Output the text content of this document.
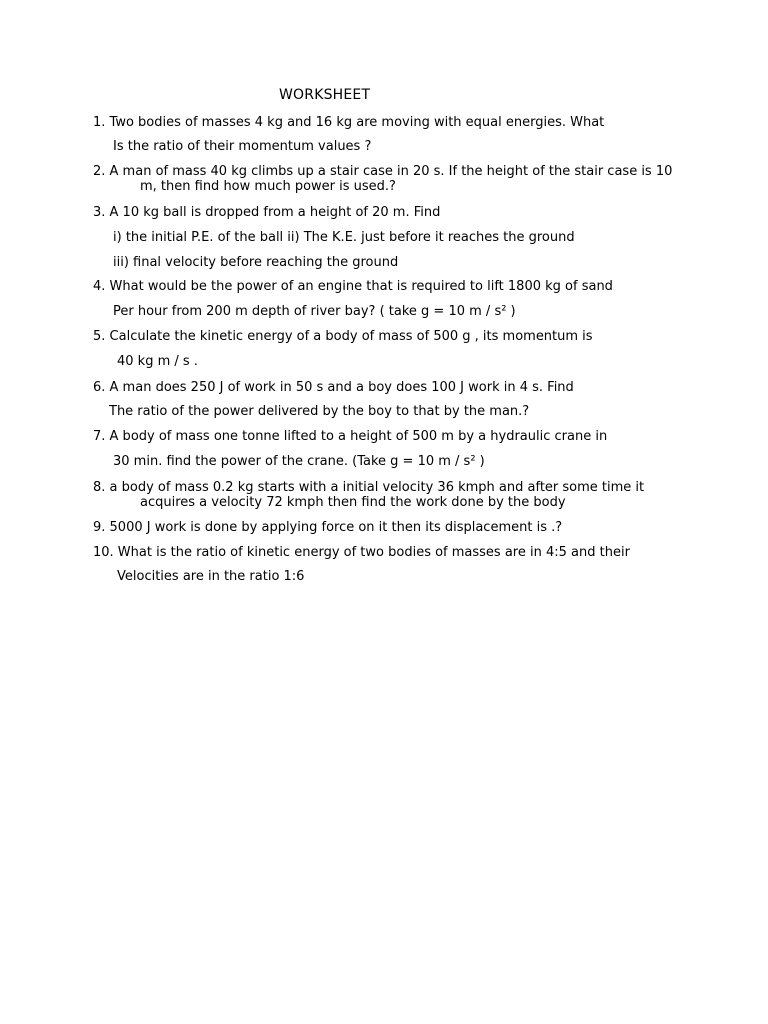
WORKSHEET
1. Two bodies of masses 4 kg and 16 kg are moving with equal energies. What
Is the ratio of their momentum values ?
2. A man of mass 40 kg climbs up a stair case in 20 s. If the height of the stair case is 10
m, then find how much power is used.?
3. A 10 kg ball is dropped from a height of 20 m. Find
i) the initial P.E. of the ball ii) The K.E. just before it reaches the ground
iii) final velocity before reaching the ground
4. What would be the power of an engine that is required to lift 1800 kg of sand
Per hour from 200 m depth of river bay? ( take g = 10 m / s² )
5. Calculate the kinetic energy of a body of mass of 500 g , its momentum is
40 kg m / s .
6. A man does 250 J of work in 50 s and a boy does 100 J work in 4 s. Find
The ratio of the power delivered by the boy to that by the man.?
7. A body of mass one tonne lifted to a height of 500 m by a hydraulic crane in
30 min. find the power of the crane. (Take g = 10 m / s² )
8. a body of mass 0.2 kg starts with a initial velocity 36 kmph and after some time it
acquires a velocity 72 kmph then find the work done by the body
9. 5000 J work is done by applying force on it then its displacement is .?
10. What is the ratio of kinetic energy of two bodies of masses are in 4:5 and their
Velocities are in the ratio 1:6
